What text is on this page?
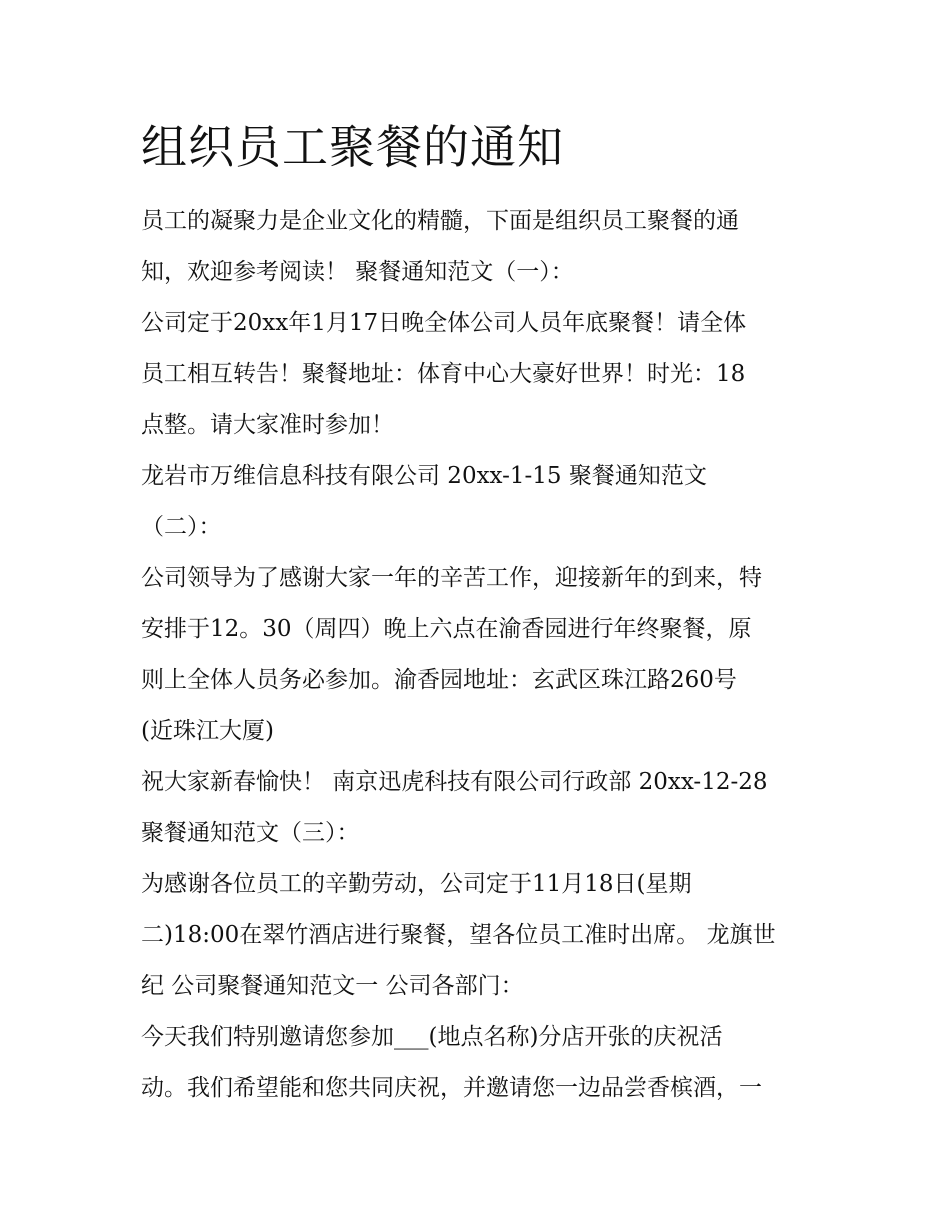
组织员工聚餐的通知
员工的凝聚力是企业文化的精髓，下面是组织员工聚餐的通
知，欢迎参考阅读！ 聚餐通知范文（一）：
公司定于20xx年1月17日晚全体公司人员年底聚餐！请全体
员工相互转告！聚餐地址：体育中心大豪好世界！时光：18
点整。请大家准时参加！
龙岩市万维信息科技有限公司 20xx-1-15 聚餐通知范文
（二）：
公司领导为了感谢大家一年的辛苦工作，迎接新年的到来，特
安排于12。30（周四）晚上六点在渝香园进行年终聚餐，原
则上全体人员务必参加。渝香园地址：玄武区珠江路260号
(近珠江大厦)
祝大家新春愉快！ 南京迅虎科技有限公司行政部 20xx-12-28
聚餐通知范文（三）：
为感谢各位员工的辛勤劳动，公司定于11月18日(星期
二)18:00在翠竹酒店进行聚餐，望各位员工准时出席。 龙旗世
纪 公司聚餐通知范文一 公司各部门：
今天我们特别邀请您参加___(地点名称)分店开张的庆祝活
动。我们希望能和您共同庆祝，并邀请您一边品尝香槟酒，一
